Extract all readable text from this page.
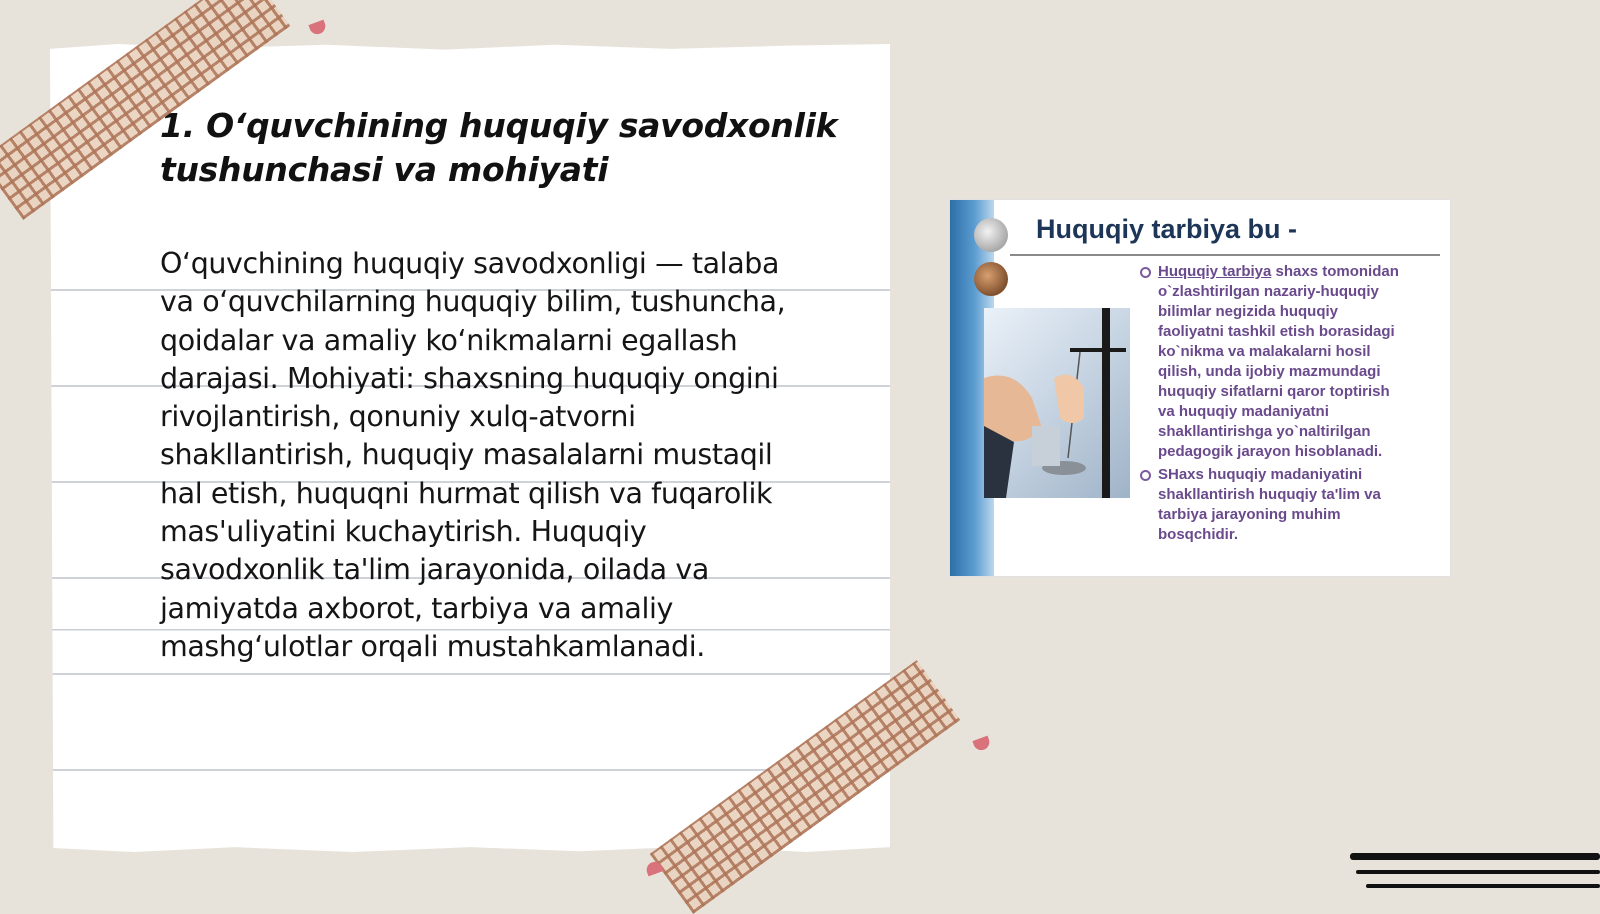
1. O‘quvchining huquqiy savodxonlik
tushunchasi va mohiyati

O‘quvchining huquqiy savodxonligi — talaba
va o‘quvchilarning huquqiy bilim, tushuncha,
qoidalar va amaliy ko‘nikmalarni egallash
darajasi. Mohiyati: shaxsning huquqiy ongini
rivojlantirish, qonuniy xulq-atvorni
shakllantirish, huquqiy masalalarni mustaqil
hal etish, huquqni hurmat qilish va fuqarolik
mas'uliyatini kuchaytirish. Huquqiy
savodxonlik ta'lim jarayonida, oilada va
jamiyatda axborot, tarbiya va amaliy
mashg‘ulotlar orqali mustahkamlanadi.

Huquqiy tarbiya bu -
Huquqiy tarbiya shaxs tomonidan
o`zlashtirilgan nazariy-huquqiy
bilimlar negizida huquqiy
faoliyatni tashkil etish borasidagi
ko`nikma va malakalarni hosil
qilish, unda ijobiy mazmundagi
huquqiy sifatlarni qaror toptirish
va huquqiy madaniyatni
shakllantirishga yo`naltirilgan
pedagogik jarayon hisoblanadi.
SHaxs huquqiy madaniyatini
shakllantirish huquqiy ta'lim va
tarbiya jarayoning muhim
bosqchidir.
